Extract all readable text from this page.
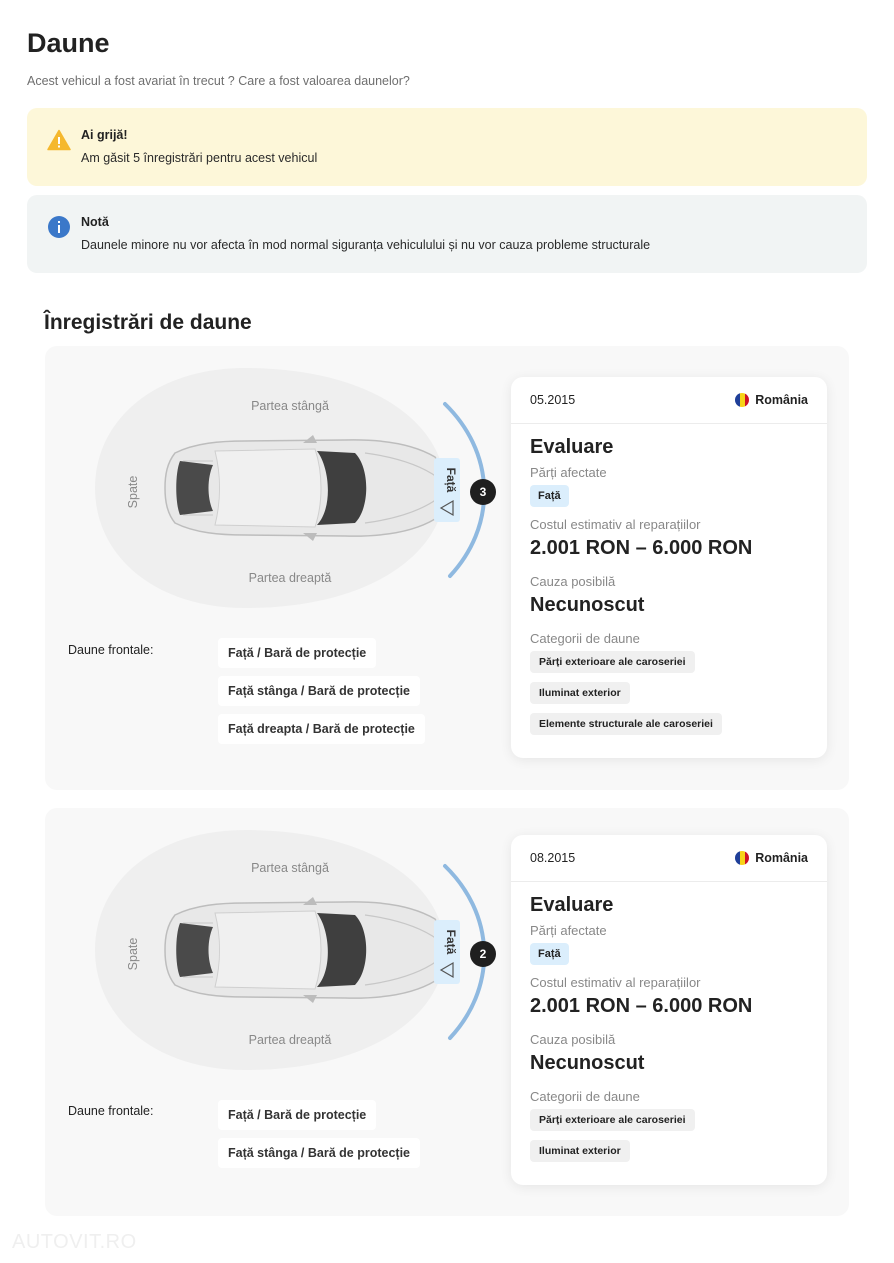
Daune
Acest vehicul a fost avariat în trecut ? Care a fost valoarea daunelor?
Ai grijă!
Am găsit 5 înregistrări pentru acest vehicul
Notă
Daunele minore nu vor afecta în mod normal siguranța vehiculului și nu vor cauza probleme structurale
Înregistrări de daune
Partea stângă
Partea dreaptă
Spate	Față 3
Daune frontale:	Față / Bară de protecție
Față stânga / Bară de protecție
Față dreapta / Bară de protecție
05.2015	România
Evaluare
Părți afectate
Față
Costul estimativ al reparațiilor
2.001 RON – 6.000 RON
Cauza posibilă
Necunoscut
Categorii de daune
Părți exterioare ale caroseriei
Iluminat exterior
Elemente structurale ale caroseriei
Partea stângă
Partea dreaptă
Spate	Față 2
Daune frontale:	Față / Bară de protecție
Față stânga / Bară de protecție
08.2015	România
Evaluare
Părți afectate
Față
Costul estimativ al reparațiilor
2.001 RON – 6.000 RON
Cauza posibilă
Necunoscut
Categorii de daune
Părți exterioare ale caroseriei
Iluminat exterior
AUTOVIT.RO
